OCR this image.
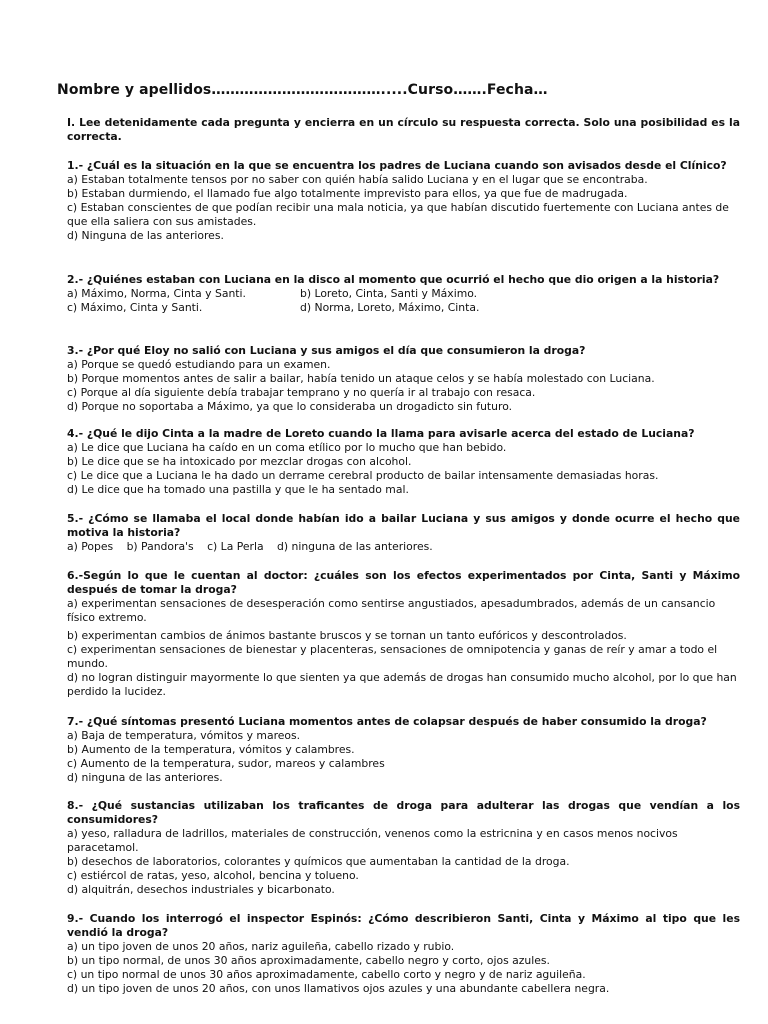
Nombre y apellidos……………………………….....Curso…….Fecha…
I. Lee detenidamente cada pregunta y encierra en un círculo su respuesta correcta. Solo una posibilidad es la correcta.
1.- ¿Cuál es la situación en la que se encuentra los padres de Luciana cuando son avisados desde el Clínico?
a) Estaban totalmente tensos por no saber con quién había salido Luciana y en el lugar que se encontraba.
b) Estaban durmiendo, el llamado fue algo totalmente imprevisto para ellos, ya que fue de madrugada.
c) Estaban conscientes de que podían recibir una mala noticia, ya que habían discutido fuertemente con Luciana antes de que ella saliera con sus amistades.
d) Ninguna de las anteriores.
2.- ¿Quiénes estaban con Luciana en la disco al momento que ocurrió el hecho que dio origen a la historia?
a) Máximo, Norma, Cinta y Santi.	b) Loreto, Cinta, Santi y Máximo.
c) Máximo, Cinta y Santi.	d) Norma, Loreto, Máximo, Cinta.
3.- ¿Por qué Eloy no salió con Luciana y sus amigos el día que consumieron la droga?
a) Porque se quedó estudiando para un examen.
b) Porque momentos antes de salir a bailar, había tenido un ataque celos y se había molestado con Luciana.
c) Porque al día siguiente debía trabajar temprano y no quería ir al trabajo con resaca.
d) Porque no soportaba a Máximo, ya que lo consideraba un drogadicto sin futuro.
4.- ¿Qué le dijo Cinta a la madre de Loreto cuando la llama para avisarle acerca del estado de Luciana?
a) Le dice que Luciana ha caído en un coma etílico por lo mucho que han bebido.
b) Le dice que se ha intoxicado por mezclar drogas con alcohol.
c) Le dice que a Luciana le ha dado un derrame cerebral producto de bailar intensamente demasiadas horas.
d) Le dice que ha tomado una pastilla y que le ha sentado mal.
5.- ¿Cómo se llamaba el local donde habían ido a bailar Luciana y sus amigos y donde ocurre el hecho que motiva la historia?
a) Popes b) Pandora's c) La Perla d) ninguna de las anteriores.
6.-Según lo que le cuentan al doctor: ¿cuáles son los efectos experimentados por Cinta, Santi y Máximo después de tomar la droga?
a) experimentan sensaciones de desesperación como sentirse angustiados, apesadumbrados, además de un cansancio físico extremo.
b) experimentan cambios de ánimos bastante bruscos y se tornan un tanto eufóricos y descontrolados.
c) experimentan sensaciones de bienestar y placenteras, sensaciones de omnipotencia y ganas de reír y amar a todo el mundo.
d) no logran distinguir mayormente lo que sienten ya que además de drogas han consumido mucho alcohol, por lo que han perdido la lucidez.
7.- ¿Qué síntomas presentó Luciana momentos antes de colapsar después de haber consumido la droga?
a) Baja de temperatura, vómitos y mareos.
b) Aumento de la temperatura, vómitos y calambres.
c) Aumento de la temperatura, sudor, mareos y calambres
d) ninguna de las anteriores.
8.- ¿Qué sustancias utilizaban los traficantes de droga para adulterar las drogas que vendían a los consumidores?
a) yeso, ralladura de ladrillos, materiales de construcción, venenos como la estricnina y en casos menos nocivos paracetamol.
b) desechos de laboratorios, colorantes y químicos que aumentaban la cantidad de la droga.
c) estiércol de ratas, yeso, alcohol, bencina y tolueno.
d) alquitrán, desechos industriales y bicarbonato.
9.- Cuando los interrogó el inspector Espinós: ¿Cómo describieron Santi, Cinta y Máximo al tipo que les vendió la droga?
a) un tipo joven de unos 20 años, nariz aguileña, cabello rizado y rubio.
b) un tipo normal, de unos 30 años aproximadamente, cabello negro y corto, ojos azules.
c) un tipo normal de unos 30 años aproximadamente, cabello corto y negro y de nariz aguileña.
d) un tipo joven de unos 20 años, con unos llamativos ojos azules y una abundante cabellera negra.
